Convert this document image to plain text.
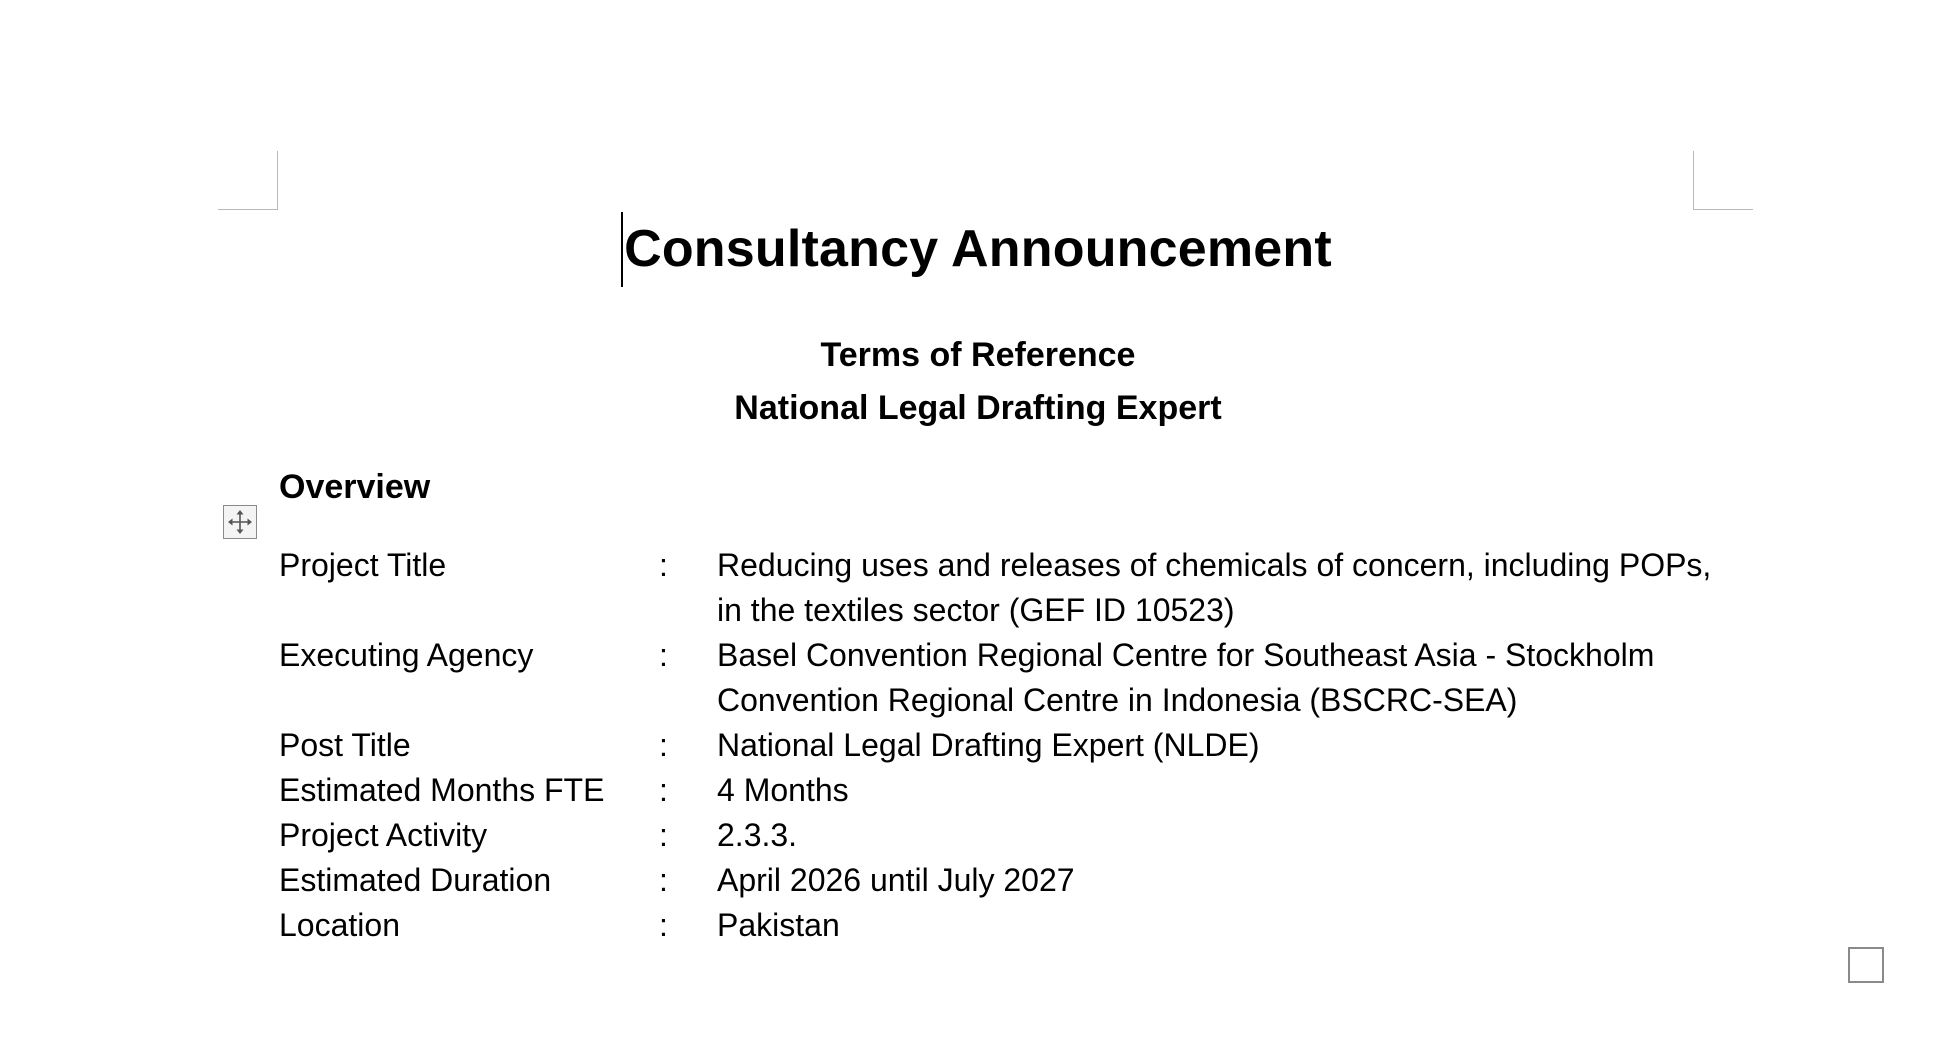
Consultancy Announcement
Terms of Reference
National Legal Drafting Expert
Overview
Project Title	:	Reducing uses and releases of chemicals of concern, including POPs, in the textiles sector (GEF ID 10523)
Executing Agency	:	Basel Convention Regional Centre for Southeast Asia - Stockholm Convention Regional Centre in Indonesia (BSCRC-SEA)
Post Title	:	National Legal Drafting Expert (NLDE)
Estimated Months FTE	:	4 Months
Project Activity	:	2.3.3.
Estimated Duration	:	April 2026 until July 2027
Location	:	Pakistan
